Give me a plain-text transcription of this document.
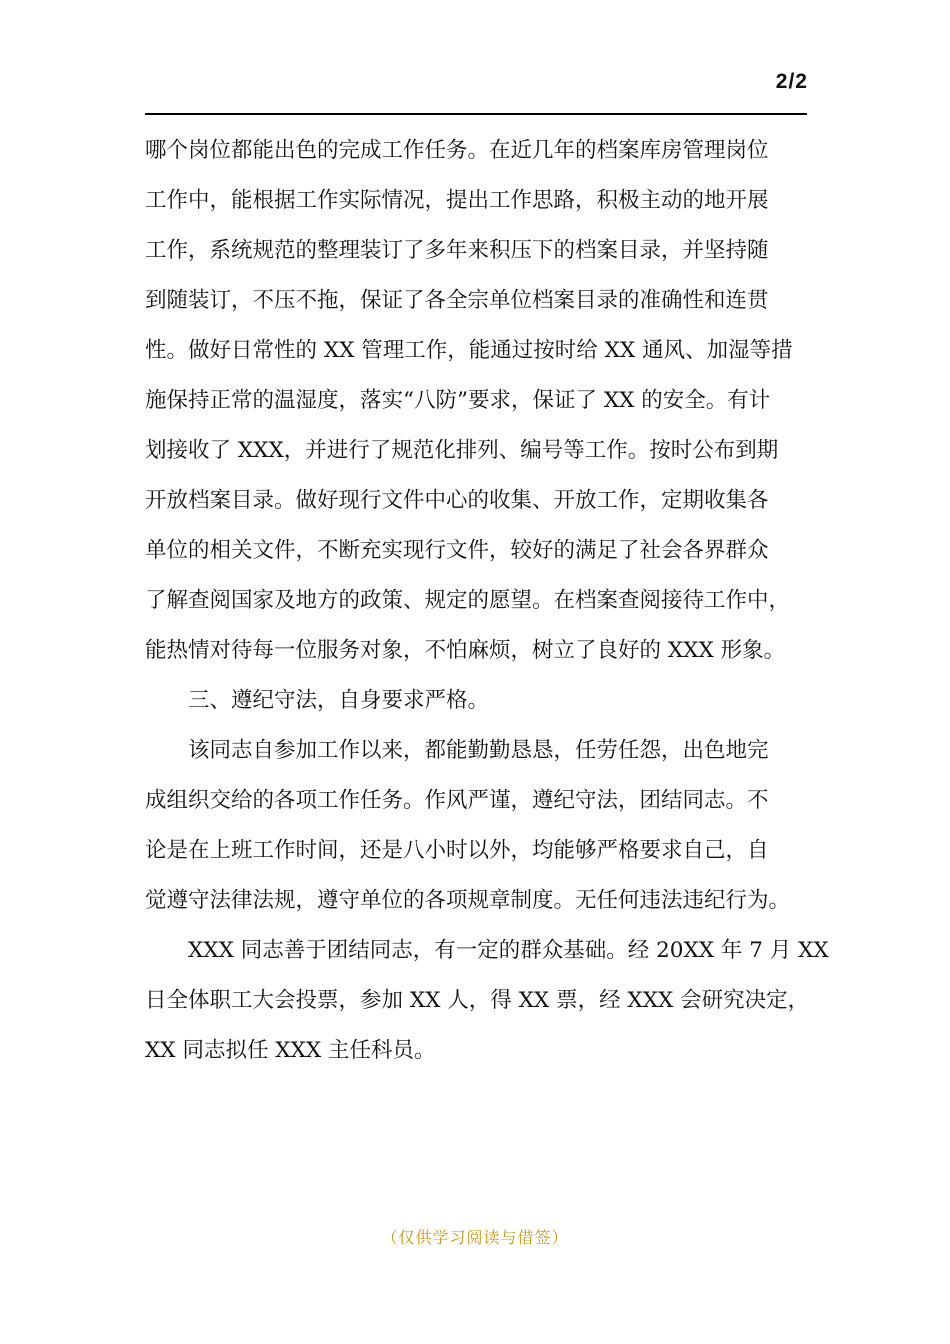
2/2
哪个岗位都能出色的完成工作任务。在近几年的档案库房管理岗位
工作中，能根据工作实际情况，提出工作思路，积极主动的地开展
工作，系统规范的整理装订了多年来积压下的档案目录，并坚持随
到随装订，不压不拖，保证了各全宗单位档案目录的准确性和连贯
性。做好日常性的 XX 管理工作，能通过按时给 XX 通风、加湿等措
施保持正常的温湿度，落实“八防”要求，保证了 XX 的安全。有计
划接收了 XXX，并进行了规范化排列、编号等工作。按时公布到期
开放档案目录。做好现行文件中心的收集、开放工作，定期收集各
单位的相关文件，不断充实现行文件，较好的满足了社会各界群众
了解查阅国家及地方的政策、规定的愿望。在档案查阅接待工作中，
能热情对待每一位服务对象，不怕麻烦，树立了良好的 XXX 形象。
　　三、遵纪守法，自身要求严格。
　　该同志自参加工作以来，都能勤勤恳恳，任劳任怨，出色地完
成组织交给的各项工作任务。作风严谨，遵纪守法，团结同志。不
论是在上班工作时间，还是八小时以外，均能够严格要求自己，自
觉遵守法律法规，遵守单位的各项规章制度。无任何违法违纪行为。
　　XXX 同志善于团结同志，有一定的群众基础。经 20XX 年 7 月 XX
日全体职工大会投票，参加 XX 人，得 XX 票，经 XXX 会研究决定，
XX 同志拟任 XXX 主任科员。
（仅供学习阅读与借签）
